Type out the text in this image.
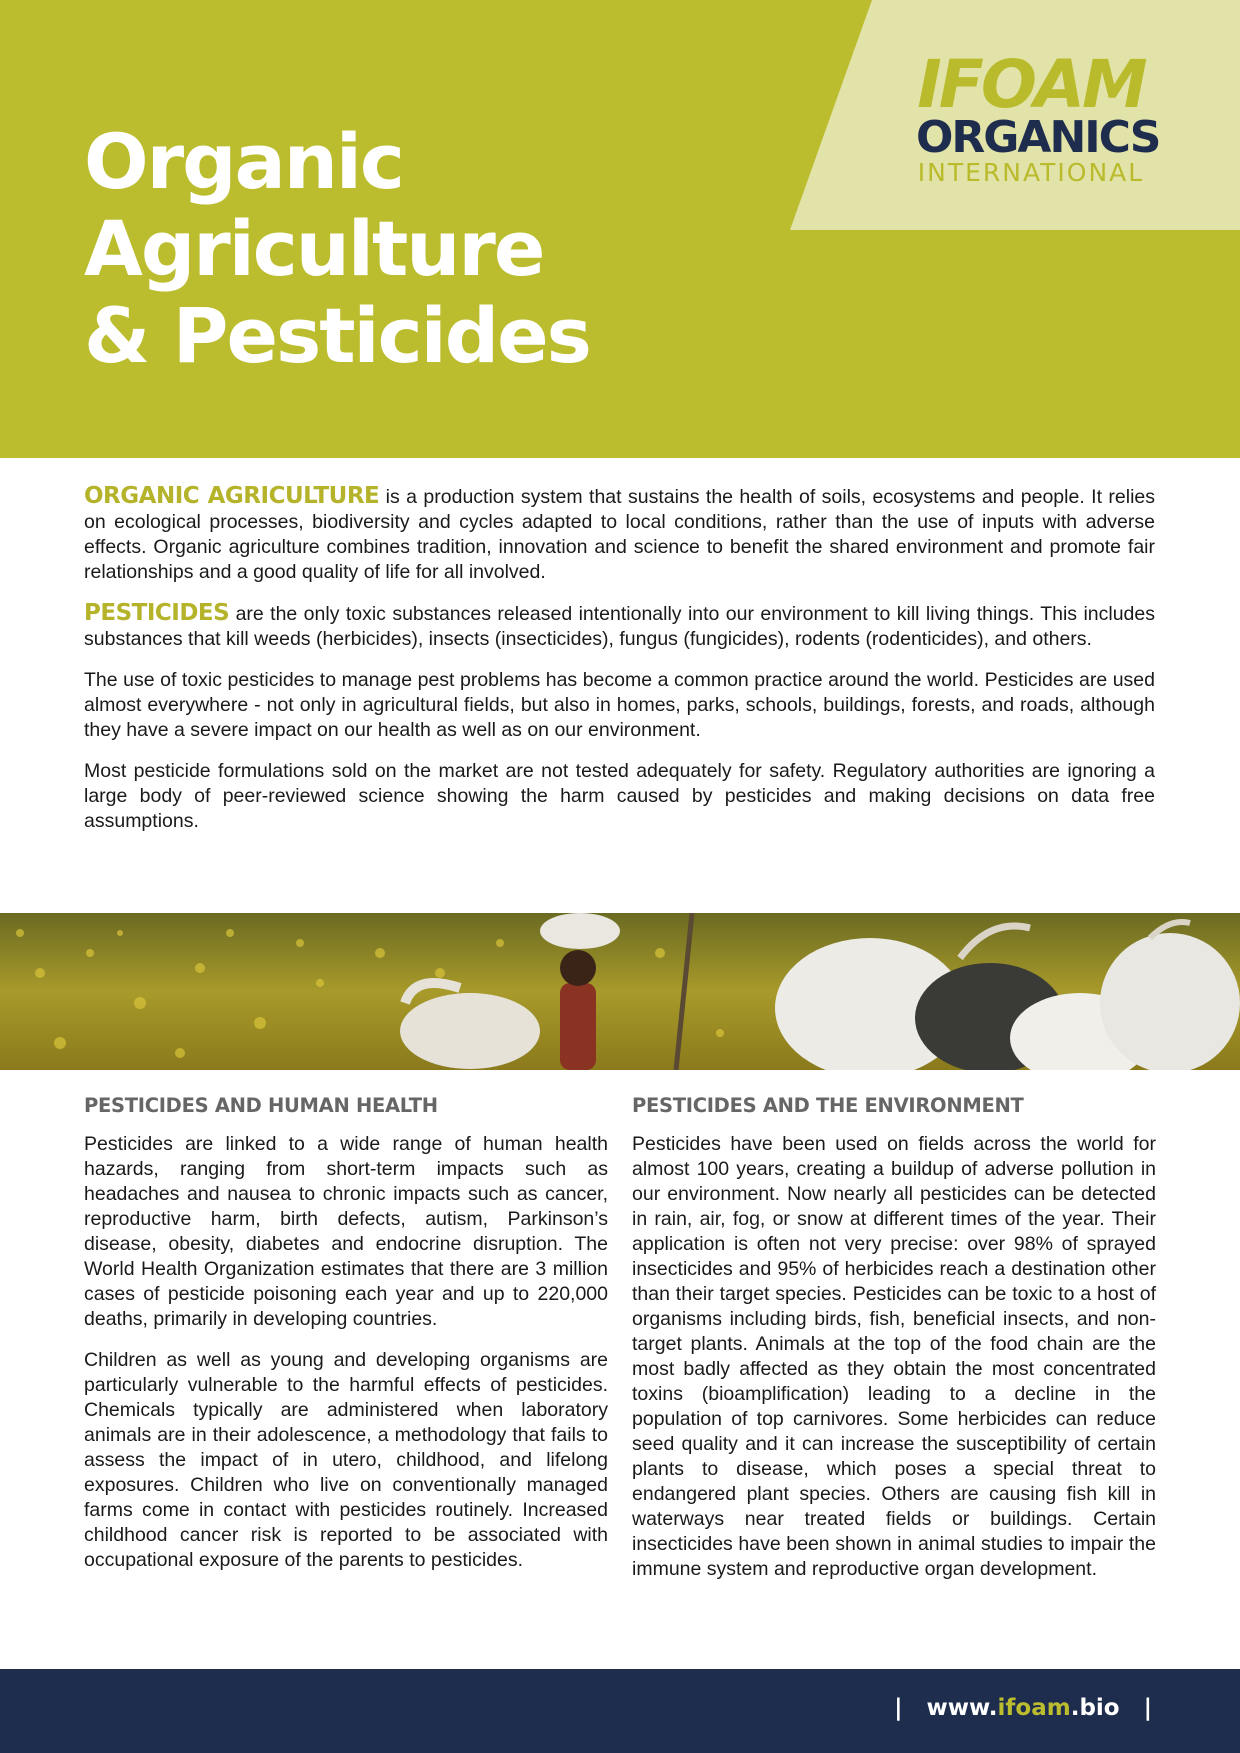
IFOAM
ORGANICS
INTERNATIONAL
Organic
Agriculture
& Pesticides

ORGANIC AGRICULTURE is a production system that sustains the health of soils, ecosystems and people. It relies on ecological processes, biodiversity and cycles adapted to local conditions, rather than the use of inputs with adverse effects. Organic agriculture combines tradition, innovation and science to benefit the shared environment and promote fair relationships and a good quality of life for all involved.

PESTICIDES are the only toxic substances released intentionally into our environment to kill living things. This includes substances that kill weeds (herbicides), insects (insecticides), fungus (fungicides), rodents (rodenticides), and others.

The use of toxic pesticides to manage pest problems has become a common practice around the world. Pesticides are used almost everywhere - not only in agricultural fields, but also in homes, parks, schools, buildings, forests, and roads, although they have a severe impact on our health as well as on our environment.

Most pesticide formulations sold on the market are not tested adequately for safety. Regulatory authorities are ignoring a large body of peer-reviewed science showing the harm caused by pesticides and making decisions on data free assumptions.

PESTICIDES AND HUMAN HEALTH

Pesticides are linked to a wide range of human health hazards, ranging from short-term impacts such as headaches and nausea to chronic impacts such as cancer, reproductive harm, birth defects, autism, Parkinson’s disease, obesity, diabetes and endocrine disruption. The World Health Organization estimates that there are 3 million cases of pesticide poisoning each year and up to 220,000 deaths, primarily in developing countries.

Children as well as young and developing organisms are particularly vulnerable to the harmful effects of pesticides. Chemicals typically are administered when laboratory animals are in their adolescence, a methodology that fails to assess the impact of in utero, childhood, and lifelong exposures. Children who live on conventionally managed farms come in contact with pesticides routinely. Increased childhood cancer risk is reported to be associated with occupational exposure of the parents to pesticides.

PESTICIDES AND THE ENVIRONMENT

Pesticides have been used on fields across the world for almost 100 years, creating a buildup of adverse pollution in our environment. Now nearly all pesticides can be detected in rain, air, fog, or snow at different times of the year. Their application is often not very precise: over 98% of sprayed insecticides and 95% of herbicides reach a destination other than their target species. Pesticides can be toxic to a host of organisms including birds, fish, beneficial insects, and non-target plants. Animals at the top of the food chain are the most badly affected as they obtain the most concentrated toxins (bioamplification) leading to a decline in the population of top carnivores. Some herbicides can reduce seed quality and it can increase the susceptibility of certain plants to disease, which poses a special threat to endangered plant species. Others are causing fish kill in waterways near treated fields or buildings. Certain insecticides have been shown in animal studies to impair the immune system and reproductive organ development.

| www.ifoam.bio |
